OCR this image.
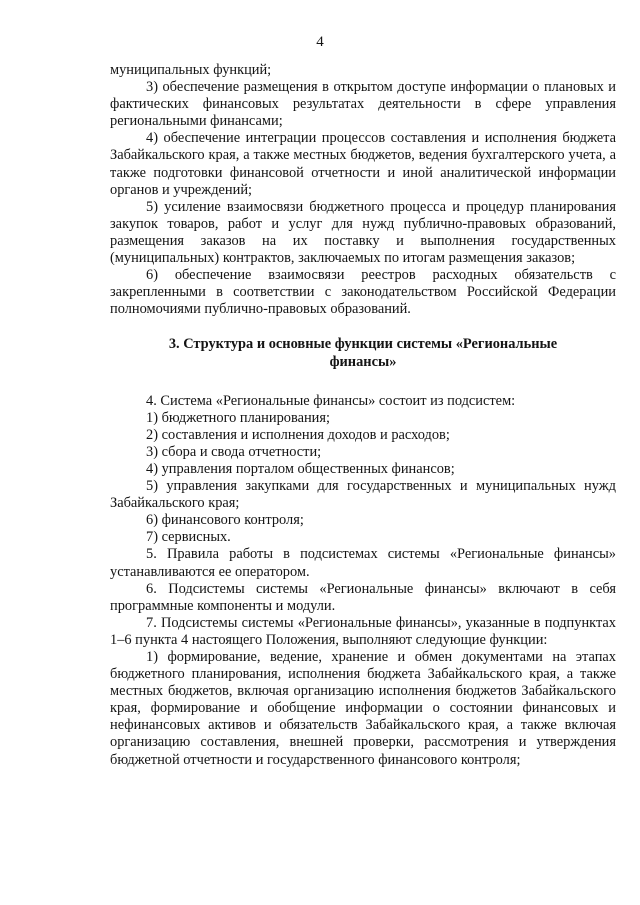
4

муниципальных функций;

3) обеспечение размещения в открытом доступе информации о плановых и фактических финансовых результатах деятельности в сфере управления региональными финансами;

4) обеспечение интеграции процессов составления и исполнения бюджета Забайкальского края, а также местных бюджетов, ведения бухгалтерского учета, а также подготовки финансовой отчетности и иной аналитической информации органов и учреждений;

5) усиление взаимосвязи бюджетного процесса и процедур планирования закупок товаров, работ и услуг для нужд публично-правовых образований, размещения заказов на их поставку и выполнения государственных (муниципальных) контрактов, заключаемых по итогам размещения заказов;

6) обеспечение взаимосвязи реестров расходных обязательств с закрепленными в соответствии с законодательством Российской Федерации полномочиями публично-правовых образований.

3. Структура и основные функции системы «Региональные финансы»

4. Система «Региональные финансы» состоит из подсистем:

1) бюджетного планирования;

2) составления и исполнения доходов и расходов;

3) сбора и свода отчетности;

4) управления порталом общественных финансов;

5) управления закупками для государственных и муниципальных нужд Забайкальского края;

6) финансового контроля;

7) сервисных.

5. Правила работы в подсистемах системы «Региональные финансы» устанавливаются ее оператором.

6. Подсистемы системы «Региональные финансы» включают в себя программные компоненты и модули.

7. Подсистемы системы «Региональные финансы», указанные в подпунктах 1–6 пункта 4 настоящего Положения, выполняют следующие функции:

1) формирование, ведение, хранение и обмен документами на этапах бюджетного планирования, исполнения бюджета Забайкальского края, а также местных бюджетов, включая организацию исполнения бюджетов Забайкальского края, формирование и обобщение информации о состоянии финансовых и нефинансовых активов и обязательств Забайкальского края, а также включая организацию составления, внешней проверки, рассмотрения и утверждения бюджетной отчетности и государственного финансового контроля;
